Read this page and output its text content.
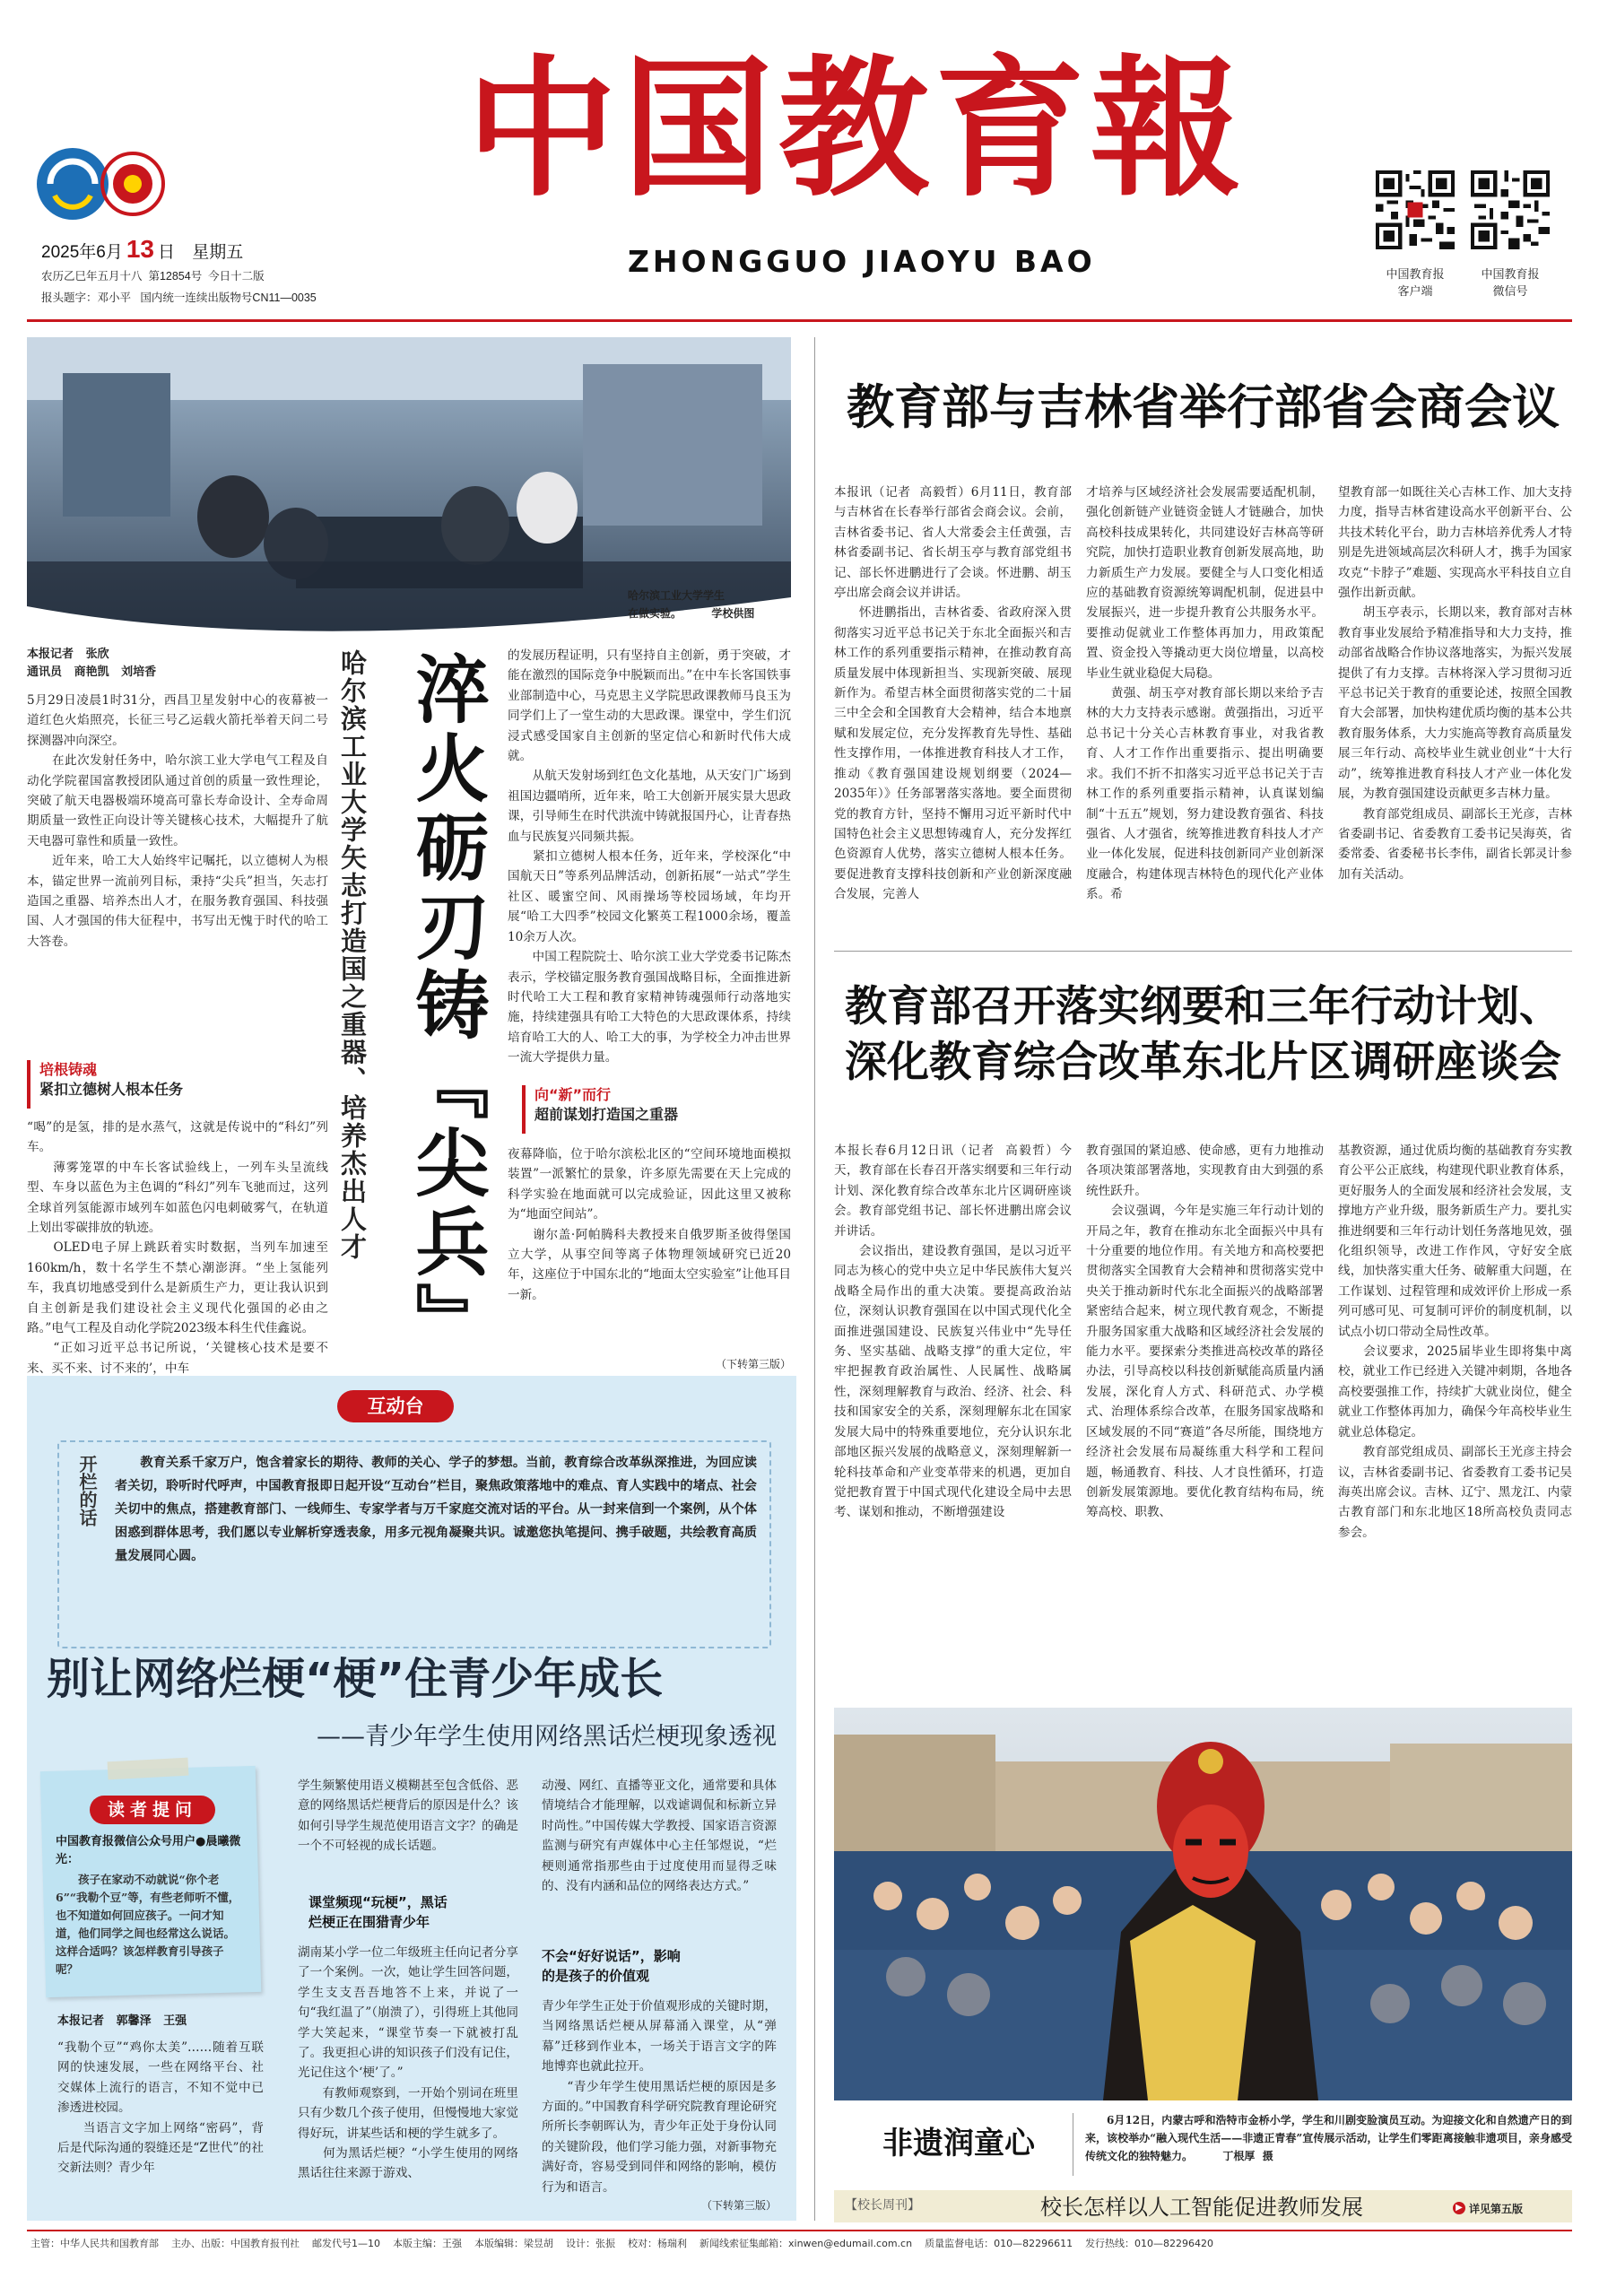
2025年6月 13 日 星期五
农历乙巳年五月十八  第12854号  今日十二版
报头题字：邓小平   国内统一连续出版物号CN11—0035
中国教育報
ZHONGGUO JIAOYU BAO	中国教育报
客户端
中国教育报
微信号
哈尔滨工业大学学生
在做实验。        学校供图
本报记者   张欣
通讯员   商艳凯   刘培香
5月29日凌晨1时31分，西昌卫星发射中心的夜幕被一道红色火焰照亮，长征三号乙运载火箭托举着天问二号探测器冲向深空。
　　在此次发射任务中，哈尔滨工业大学电气工程及自动化学院翟国富教授团队通过首创的质量一致性理论，突破了航天电器极端环境高可靠长寿命设计、全寿命周期质量一致性正向设计等关键核心技术，大幅提升了航天电器可靠性和质量一致性。
　　近年来，哈工大人始终牢记嘱托，以立德树人为根本，锚定世界一流前列目标，秉持“尖兵”担当，矢志打造国之重器、培养杰出人才，在服务教育强国、科技强国、人才强国的伟大征程中，书写出无愧于时代的哈工大答卷。
培根铸魂
紧扣立德树人根本任务
“喝”的是氢，排的是水蒸气，这就是传说中的“科幻”列车。
　　薄雾笼罩的中车长客试验线上，一列车头呈流线型、车身以蓝色为主色调的“科幻”列车飞驰而过，这列全球首列氢能源市域列车如蓝色闪电刺破雾气，在轨道上划出零碳排放的轨迹。
　　OLED电子屏上跳跃着实时数据，当列车加速至160km/h，数十名学生不禁心潮澎湃。“坐上氢能列车，我真切地感受到什么是新质生产力，更让我认识到自主创新是我们建设社会主义现代化强国的必由之路。”电气工程及自动化学院2023级本科生代佳鑫说。
　　“正如习近平总书记所说，‘关键核心技术是要不来、买不来、讨不来的’，中车
哈尔滨工业大学矢志打造国之重器、培养杰出人才 淬火砺刃铸『尖兵』	的发展历程证明，只有坚持自主创新，勇于突破，才能在激烈的国际竞争中脱颖而出。”在中车长客国铁事业部制造中心，马克思主义学院思政课教师马良玉为同学们上了一堂生动的大思政课。课堂中，学生们沉浸式感受国家自主创新的坚定信心和新时代伟大成就。
　　从航天发射场到红色文化基地，从天安门广场到祖国边疆哨所，近年来，哈工大创新开展实景大思政课，引导师生在时代洪流中铸就报国丹心，让青春热血与民族复兴同频共振。
　　紧扣立德树人根本任务，近年来，学校深化“中国航天日”等系列品牌活动，创新拓展“一站式”学生社区、暖蜜空间、风雨操场等校园场域，年均开展“哈工大四季”校园文化繁英工程1000余场，覆盖10余万人次。
　　中国工程院院士、哈尔滨工业大学党委书记陈杰表示，学校锚定服务教育强国战略目标，全面推进新时代哈工大工程和教育家精神铸魂强师行动落地实施，持续建强具有哈工大特色的大思政课体系，持续培育哈工大的人、哈工大的事，为学校全力冲击世界一流大学提供力量。
向“新”而行
超前谋划打造国之重器
夜幕降临，位于哈尔滨松北区的“空间环境地面模拟装置”一派繁忙的景象，许多原先需要在天上完成的科学实验在地面就可以完成验证，因此这里又被称为“地面空间站”。
　　谢尔盖·阿帕腾科夫教授来自俄罗斯圣彼得堡国立大学，从事空间等离子体物理领域研究已近20年，这座位于中国东北的“地面太空实验室”让他耳目一新。
（下转第三版）
教育部与吉林省举行部省会商会议
本报讯（记者  高毅哲）6月11日，教育部与吉林省在长春举行部省会商会议。会前，吉林省委书记、省人大常委会主任黄强，吉林省委副书记、省长胡玉亭与教育部党组书记、部长怀进鹏进行了会谈。怀进鹏、胡玉亭出席会商会议并讲话。
　　怀进鹏指出，吉林省委、省政府深入贯彻落实习近平总书记关于东北全面振兴和吉林工作的系列重要指示精神，在推动教育高质量发展中体现新担当、实现新突破、展现新作为。希望吉林全面贯彻落实党的二十届三中全会和全国教育大会精神，结合本地禀赋和发展定位，充分发挥教育先导性、基础性支撑作用，一体推进教育科技人才工作，推动《教育强国建设规划纲要（2024—2035年）》任务部署落实落地。要全面贯彻党的教育方针，坚持不懈用习近平新时代中国特色社会主义思想铸魂育人，充分发挥红色资源育人优势，落实立德树人根本任务。要促进教育支撑科技创新和产业创新深度融合发展，完善人
才培养与区域经济社会发展需要适配机制，强化创新链产业链资金链人才链融合，加快高校科技成果转化，共同建设好吉林高等研究院，加快打造职业教育创新发展高地，助力新质生产力发展。要健全与人口变化相适应的基础教育资源统筹调配机制，促进县中发展振兴，进一步提升教育公共服务水平。要推动促就业工作整体再加力，用政策配置、资金投入等撬动更大岗位增量，以高校毕业生就业稳促大局稳。
　　黄强、胡玉亭对教育部长期以来给予吉林的大力支持表示感谢。黄强指出，习近平总书记十分关心吉林教育事业，对我省教育、人才工作作出重要指示、提出明确要求。我们不折不扣落实习近平总书记关于吉林工作的系列重要指示精神，认真谋划编制“十五五”规划，努力建设教育强省、科技强省、人才强省，统筹推进教育科技人才产业一体化发展，促进科技创新同产业创新深度融合，构建体现吉林特色的现代化产业体系。希
望教育部一如既往关心吉林工作、加大支持力度，指导吉林省建设高水平创新平台、公共技术转化平台，助力吉林培养优秀人才特别是先进领域高层次科研人才，携手为国家攻克“卡脖子”难题、实现高水平科技自立自强作出新贡献。
　　胡玉亭表示，长期以来，教育部对吉林教育事业发展给予精准指导和大力支持，推动部省战略合作协议落地落实，为振兴发展提供了有力支撑。吉林将深入学习贯彻习近平总书记关于教育的重要论述，按照全国教育大会部署，加快构建优质均衡的基本公共教育服务体系，大力实施高等教育高质量发展三年行动、高校毕业生就业创业“十大行动”，统筹推进教育科技人才产业一体化发展，为教育强国建设贡献更多吉林力量。
　　教育部党组成员、副部长王光彦，吉林省委副书记、省委教育工委书记吴海英，省委常委、省委秘书长李伟，副省长郭灵计参加有关活动。
教育部召开落实纲要和三年行动计划、
深化教育综合改革东北片区调研座谈会
本报长春6月12日讯（记者  高毅哲）今天，教育部在长春召开落实纲要和三年行动计划、深化教育综合改革东北片区调研座谈会。教育部党组书记、部长怀进鹏出席会议并讲话。
　　会议指出，建设教育强国，是以习近平同志为核心的党中央立足中华民族伟大复兴战略全局作出的重大决策。要提高政治站位，深刻认识教育强国在以中国式现代化全面推进强国建设、民族复兴伟业中“先导任务、坚实基础、战略支撑”的重大定位，牢牢把握教育政治属性、人民属性、战略属性，深刻理解教育与政治、经济、社会、科技和国家安全的关系，深刻理解东北在国家发展大局中的特殊重要地位，充分认识东北部地区振兴发展的战略意义，深刻理解新一轮科技革命和产业变革带来的机遇，更加自觉把教育置于中国式现代化建设全局中去思考、谋划和推动，不断增强建设
教育强国的紧迫感、使命感，更有力地推动各项决策部署落地，实现教育由大到强的系统性跃升。
　　会议强调，今年是实施三年行动计划的开局之年，教育在推动东北全面振兴中具有十分重要的地位作用。有关地方和高校要把贯彻落实全国教育大会精神和贯彻落实党中央关于推动新时代东北全面振兴的战略部署紧密结合起来，树立现代教育观念，不断提升服务国家重大战略和区域经济社会发展的能力水平。要探索分类推进高校改革的路径办法，引导高校以科技创新赋能高质量内涵发展，深化育人方式、科研范式、办学模式、治理体系综合改革，在服务国家战略和区域发展的不同“赛道”各尽所能，围绕地方经济社会发展布局凝练重大科学和工程问题，畅通教育、科技、人才良性循环，打造创新发展策源地。要优化教育结构布局，统筹高校、职教、
基教资源，通过优质均衡的基础教育夯实教育公平公正底线，构建现代职业教育体系，更好服务人的全面发展和经济社会发展，支撑地方产业升级，服务新质生产力。要扎实推进纲要和三年行动计划任务落地见效，强化组织领导，改进工作作风，守好安全底线，加快落实重大任务、破解重大问题，在工作谋划、过程管理和成效评价上形成一系列可感可见、可复制可评价的制度机制，以试点小切口带动全局性改革。
　　会议要求，2025届毕业生即将集中离校，就业工作已经进入关键冲刺期，各地各高校要强推工作，持续扩大就业岗位，健全就业工作整体再加力，确保今年高校毕业生就业总体稳定。
　　教育部党组成员、副部长王光彦主持会议，吉林省委副书记、省委教育工委书记吴海英出席会议。吉林、辽宁、黑龙江、内蒙古教育部门和东北地区18所高校负责同志参会。
互动台
开栏的话	教育关系千家万户，饱含着家长的期待、教师的关心、学子的梦想。当前，教育综合改革纵深推进，为回应读者关切，聆听时代呼声，中国教育报即日起开设“互动台”栏目，聚焦政策落地中的难点、育人实践中的堵点、社会关切中的焦点，搭建教育部门、一线师生、专家学者与万千家庭交流对话的平台。从一封来信到一个案例，从个体困惑到群体思考，我们愿以专业解析穿透表象，用多元视角凝聚共识。诚邀您执笔提问、携手破题，共绘教育高质量发展同心圆。
别让网络烂梗“梗”住青少年成长
——青少年学生使用网络黑话烂梗现象透视
读者提问
中国教育报微信公众号用户●晨曦微光：
孩子在家动不动就说“你个老6”“我勒个豆”等，有些老师听不懂，也不知道如何回应孩子。一问才知道，他们同学之间也经常这么说话。这样合适吗？该怎样教育引导孩子呢？
本报记者   郭馨泽   王强
“我勒个豆”“鸡你太美”……随着互联网的快速发展，一些在网络平台、社交媒体上流行的语言，不知不觉中已渗透进校园。
　　当语言文字加上网络“密码”，背后是代际沟通的裂缝还是“Z世代”的社交新法则？青少年
学生频繁使用语义模糊甚至包含低俗、恶意的网络黑话烂梗背后的原因是什么？该如何引导学生规范使用语言文字？的确是一个不可轻视的成长话题。
课堂频现“玩梗”，黑话
烂梗正在围猎青少年
湖南某小学一位二年级班主任向记者分享了一个案例。一次，她让学生回答问题，学生支支吾吾地答不上来，并说了一句“我红温了”（崩溃了），引得班上其他同学大笑起来，“课堂节奏一下就被打乱了。我更担心讲的知识孩子们没有记住，光记住这个‘梗’了。”
　　有教师观察到，一开始个别词在班里只有少数几个孩子使用，但慢慢地大家觉得好玩，讲某些话和梗的学生就多了。
　　何为黑话烂梗？“小学生使用的网络黑话往往来源于游戏、
动漫、网红、直播等亚文化，通常要和具体情境结合才能理解，以戏谑调侃和标新立异时尚性。”中国传媒大学教授、国家语言资源监测与研究有声媒体中心主任邹煜说，“烂梗则通常指那些由于过度使用而显得乏味的、没有内涵和品位的网络表达方式。”
不会“好好说话”，影响
的是孩子的价值观
青少年学生正处于价值观形成的关键时期，当网络黑话烂梗从屏幕涌入课堂，从“弹幕”迁移到作业本，一场关于语言文字的阵地博弈也就此拉开。
　　“青少年学生使用黑话烂梗的原因是多方面的。”中国教育科学研究院教育理论研究所所长李朝晖认为，青少年正处于身份认同的关键阶段，他们学习能力强，对新事物充满好奇，容易受到同伴和网络的影响，模仿行为和语言。
（下转第三版）
非遗润童心
6月12日，内蒙古呼和浩特市金桥小学，学生和川剧变脸演员互动。为迎接文化和自然遗产日的到来，该校举办“融入现代生活——非遗正青春”宣传展示活动，让学生们零距离接触非遗项目，亲身感受传统文化的独特魅力。        丁根厚  摄
【校长周刊】
主管：中华人民共和国教育部 主办、出版：中国教育报刊社 邮发代号1—10 本版主编：王强 本版编辑：梁昱胡 设计：张振 校对：杨瑞利 新闻线索征集邮箱：xinwen@edumail.com.cn 质量监督电话：010—82296611 发行热线：010—82296420
校长怎样以人工智能促进教师发展	▶ 详见第五版
